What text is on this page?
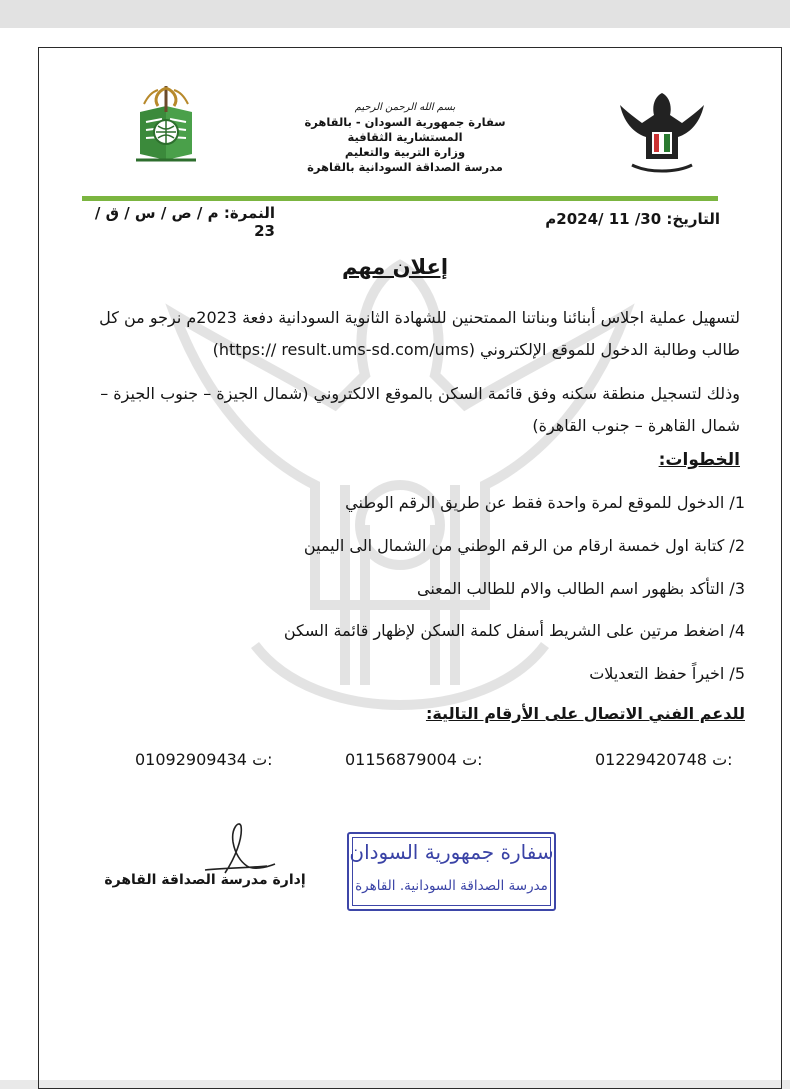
بسم الله الرحمن الرحيم
سفارة جمهورية السودان - بالقاهرة
المستشارية الثقافية
وزارة التربية والتعليم
مدرسة الصداقة السودانية بالقاهرة
التاريخ: 30/ 11 /2024م
النمرة: م / ص / س / ق / 23
إعلان مهم
لتسهيل عملية اجلاس أبنائنا وبناتنا الممتحنين للشهادة الثانوية السودانية دفعة 2023م نرجو من كل طالب وطالبة الدخول للموقع الإلكتروني (https:// result.ums-sd.com/ums)
وذلك لتسجيل منطقة سكنه وفق قائمة السكن بالموقع الالكتروني (شمال الجيزة – جنوب الجيزة – شمال القاهرة – جنوب القاهرة)
الخطوات:
1/ الدخول للموقع لمرة واحدة فقط عن طريق الرقم الوطني
2/ كتابة اول خمسة ارقام من الرقم الوطني من الشمال الى اليمين
3/ التأكد بظهور اسم الطالب والام للطالب المعنى
4/ اضغط مرتين على الشريط أسفل كلمة السكن لإظهار قائمة السكن
5/ اخيراً حفظ التعديلات
للدعم الفني الاتصال على الأرقام التالية:
01229420748 ت:
01156879004 ت:
01092909434 ت:
إدارة مدرسة الصداقة القاهرة
سفارة جمهورية السودان
مدرسة الصداقة السودانية. القاهرة
